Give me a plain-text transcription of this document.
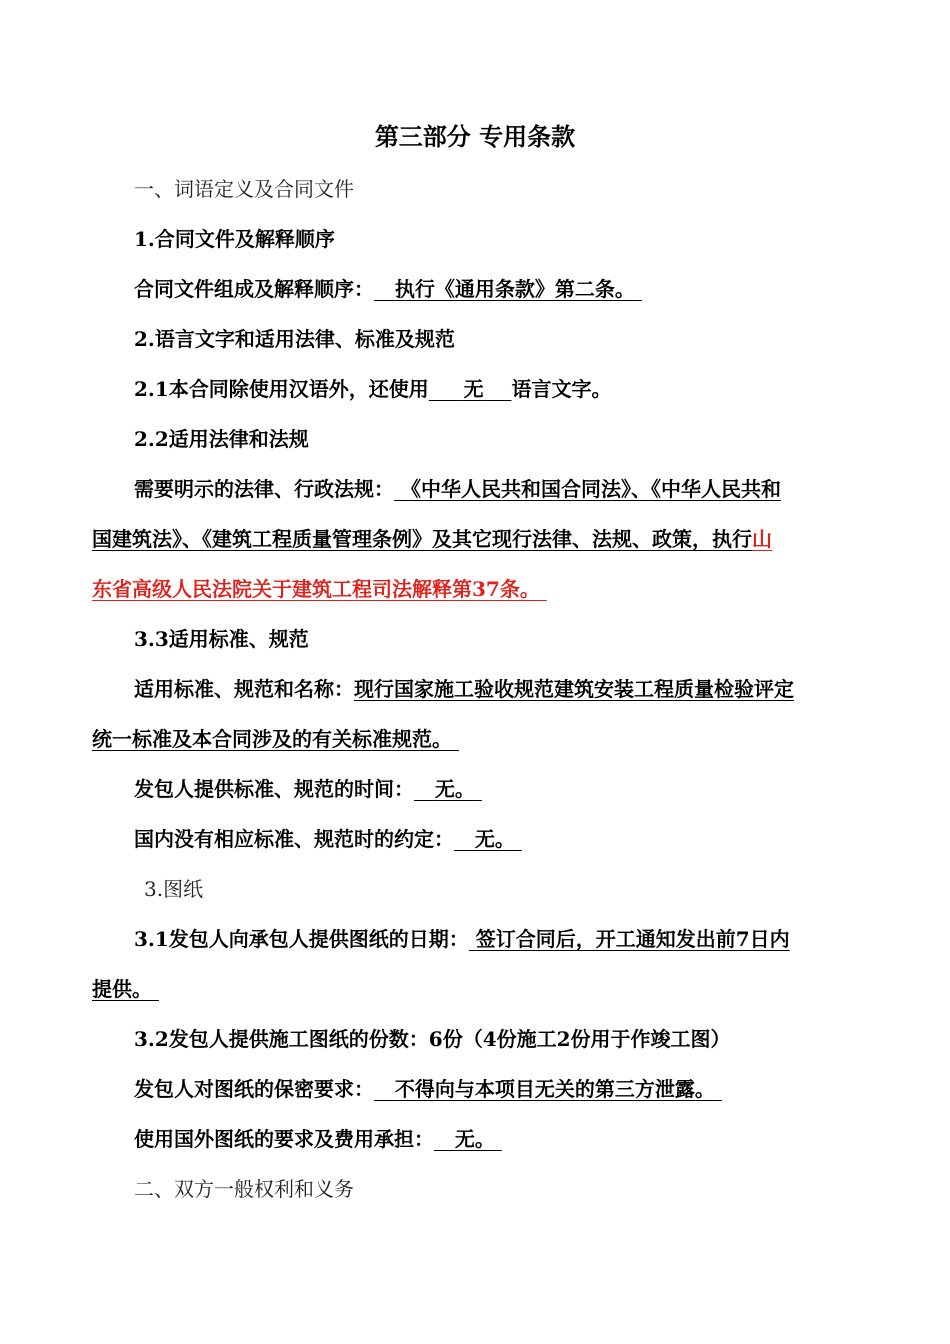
第三部分 专用条款
一、词语定义及合同文件
1.合同文件及解释顺序
合同文件组成及解释顺序： 执行《通用条款》第二条。
2.语言文字和适用法律、标准及规范
2.1本合同除使用汉语外，还使用 无 语言文字。
2.2适用法律和法规
需要明示的法律、行政法规： 《中华人民共和国合同法》、《中华人民共和
国建筑法》、《建筑工程质量管理条例》及其它现行法律、法规、政策，执行山
东省高级人民法院关于建筑工程司法解释第37条。
3.3适用标准、规范
适用标准、规范和名称：现行国家施工验收规范建筑安装工程质量检验评定
统一标准及本合同涉及的有关标准规范。
发包人提供标准、规范的时间： 无。
国内没有相应标准、规范时的约定： 无。
3.图纸
3.1发包人向承包人提供图纸的日期： 签订合同后，开工通知发出前7日内
提供。
3.2发包人提供施工图纸的份数：6份（4份施工2份用于作竣工图）
发包人对图纸的保密要求： 不得向与本项目无关的第三方泄露。
使用国外图纸的要求及费用承担： 无。
二、双方一般权利和义务
